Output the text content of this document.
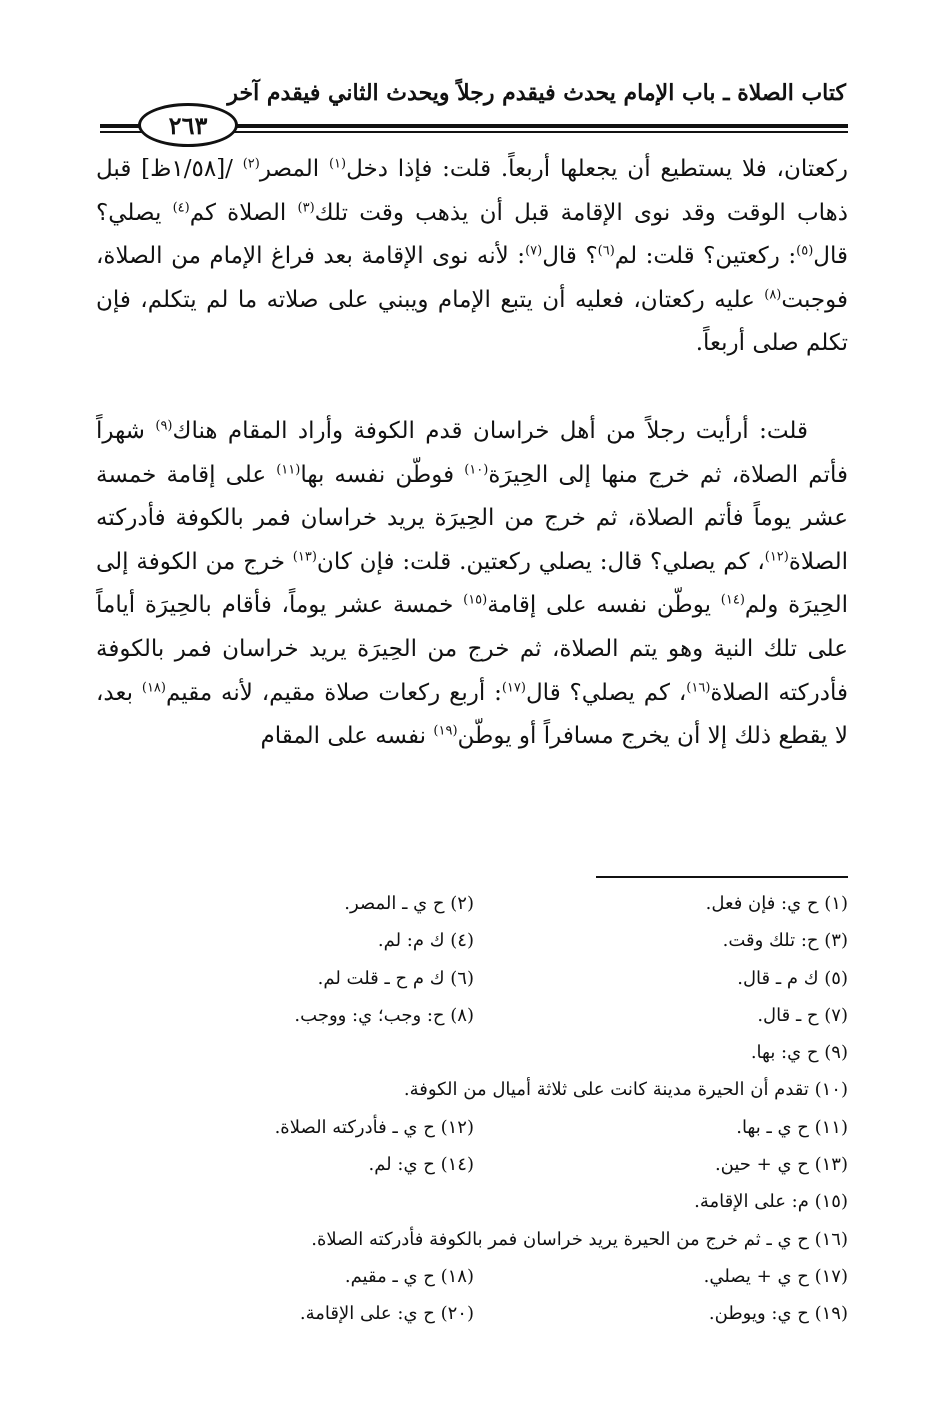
كتاب الصلاة ـ باب الإمام يحدث فيقدم رجلاً ويحدث الثاني فيقدم آخر
٢٦٣
ركعتان، فلا يستطيع أن يجعلها أربعاً. قلت: فإذا دخل$^{(١)}$ المصر$^{(٢)}$ /[١/٥٨ظ] قبل ذهاب الوقت وقد نوى الإقامة قبل أن يذهب وقت تلك$^{(٣)}$ الصلاة كم$^{(٤)}$ يصلي؟ قال$^{(٥)}$: ركعتين؟ قلت: لم$^{(٦)}$؟ قال$^{(٧)}$: لأنه نوى الإقامة بعد فراغ الإمام من الصلاة، فوجبت$^{(٨)}$ عليه ركعتان، فعليه أن يتبع الإمام ويبني على صلاته ما لم يتكلم، فإن تكلم صلى أربعاً.
قلت: أرأيت رجلاً من أهل خراسان قدم الكوفة وأراد المقام هناك$^{(٩)}$ شهراً فأتم الصلاة، ثم خرج منها إلى الحِيرَة$^{(١٠)}$ فوطّن نفسه بها$^{(١١)}$ على إقامة خمسة عشر يوماً فأتم الصلاة، ثم خرج من الحِيرَة يريد خراسان فمر بالكوفة فأدركته الصلاة$^{(١٢)}$، كم يصلي؟ قال: يصلي ركعتين. قلت: فإن كان$^{(١٣)}$ خرج من الكوفة إلى الحِيرَة ولم$^{(١٤)}$ يوطّن نفسه على إقامة$^{(١٥)}$ خمسة عشر يوماً، فأقام بالحِيرَة أياماً على تلك النية وهو يتم الصلاة، ثم خرج من الحِيرَة يريد خراسان فمر بالكوفة فأدركته الصلاة$^{(١٦)}$، كم يصلي؟ قال$^{(١٧)}$: أربع ركعات صلاة مقيم، لأنه مقيم$^{(١٨)}$ بعد، لا يقطع ذلك إلا أن يخرج مسافراً أو يوطّن$^{(١٩)}$ نفسه على المقام
(١) ح ي: فإن فعل.
(٢) ح ي ـ المصر.
(٣) ح: تلك وقت.
(٤) ك م: لم.
(٥) ك م ـ قال.
(٦) ك م ح ـ قلت لم.
(٧) ح ـ قال.
(٨) ح: وجب؛ ي: ووجب.
(٩) ح ي: بها.
(١٠) تقدم أن الحيرة مدينة كانت على ثلاثة أميال من الكوفة.
(١١) ح ي ـ بها.
(١٢) ح ي ـ فأدركته الصلاة.
(١٣) ح ي + حين.
(١٤) ح ي: لم.
(١٥) م: على الإقامة.
(١٦) ح ي ـ ثم خرج من الحيرة يريد خراسان فمر بالكوفة فأدركته الصلاة.
(١٧) ح ي + يصلي.
(١٨) ح ي ـ مقيم.
(١٩) ح ي: ويوطن.
(٢٠) ح ي: على الإقامة.
